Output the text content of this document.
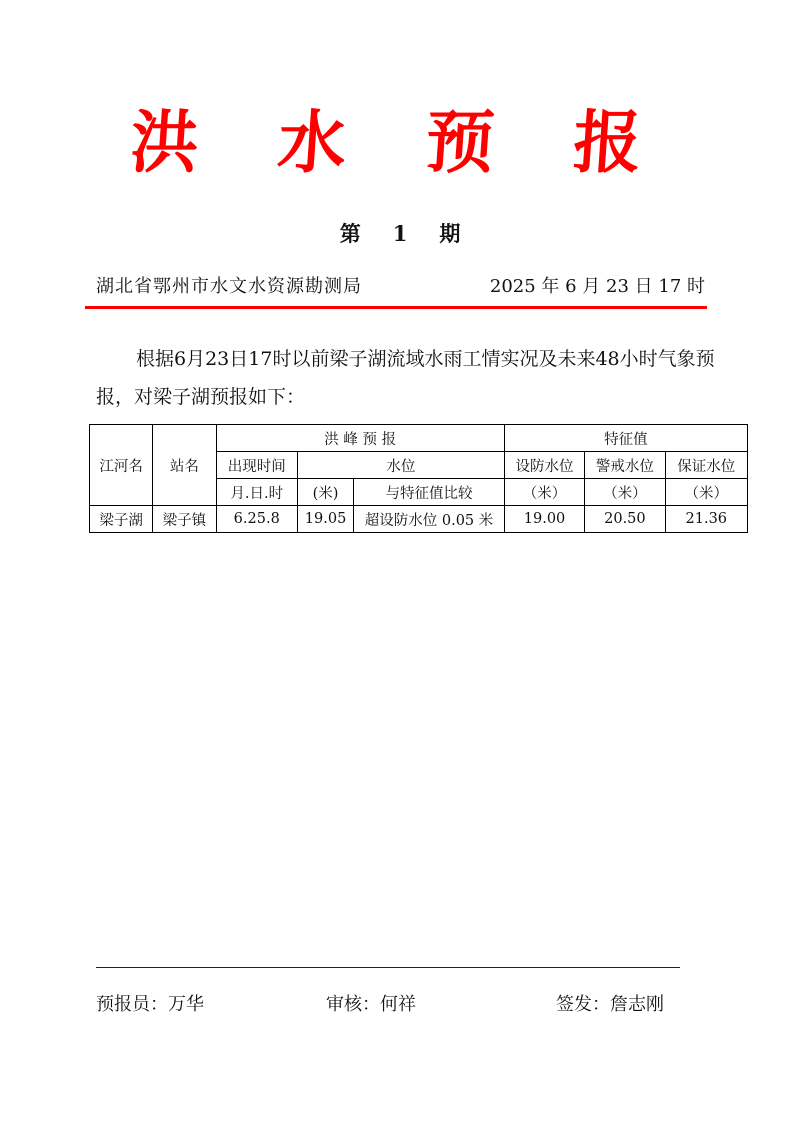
洪 水 预 报
第 1 期
湖北省鄂州市水文水资源勘测局	2025 年 6 月 23 日 17 时
根据6月23日17时以前梁子湖流域水雨工情实况及未来48小时气象预报，对梁子湖预报如下：
江河名	站名	洪 峰 预 报			特征值		
		出现时间	水位		设防水位	警戒水位	保证水位
		月.日.时	(米)	与特征值比较	（米）	（米）	（米）
梁子湖	梁子镇	6.25.8	19.05	超设防水位 0.05 米	19.00	20.50	21.36
预报员：万华	审核：何祥	签发：詹志刚
